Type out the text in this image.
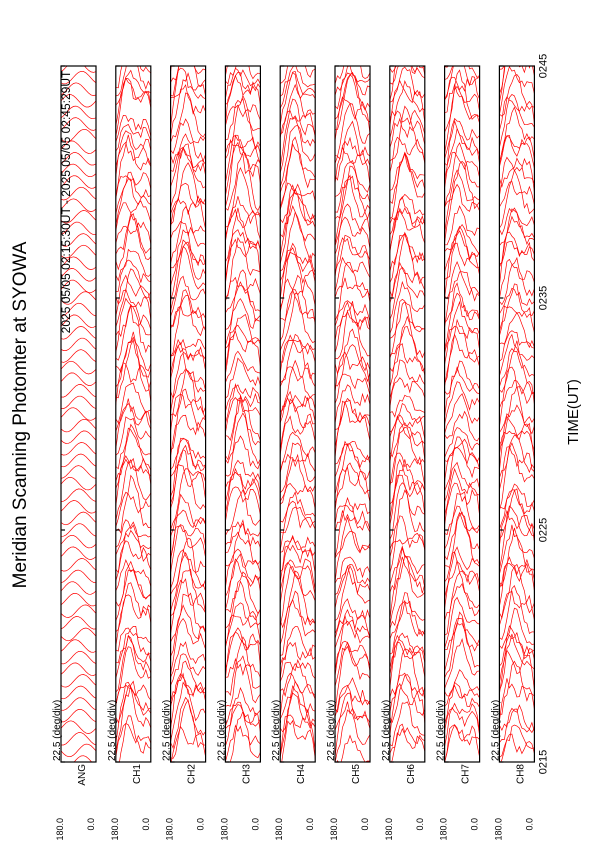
22.5 (deg/div)
ANG
180.0 0.0
22.5 (deg/div)
CH1
180.0 0.0
22.5 (deg/div)
CH2
180.0 0.0
22.5 (deg/div)
CH3
180.0 0.0
22.5 (deg/div)
CH4
180.0 0.0
22.5 (deg/div)
CH5
180.0 0.0
22.5 (deg/div)
CH6
180.0 0.0
22.5 (deg/div)
CH7
180.0 0.0
22.5 (deg/div)
CH8
180.0 0.0
Meridian Scanning Photomter at SYOWA
2025 05/05 02:15:30UT - 2025 05/05 02:45:29UT
TIME(UT)
0215
0225
0235
0245
